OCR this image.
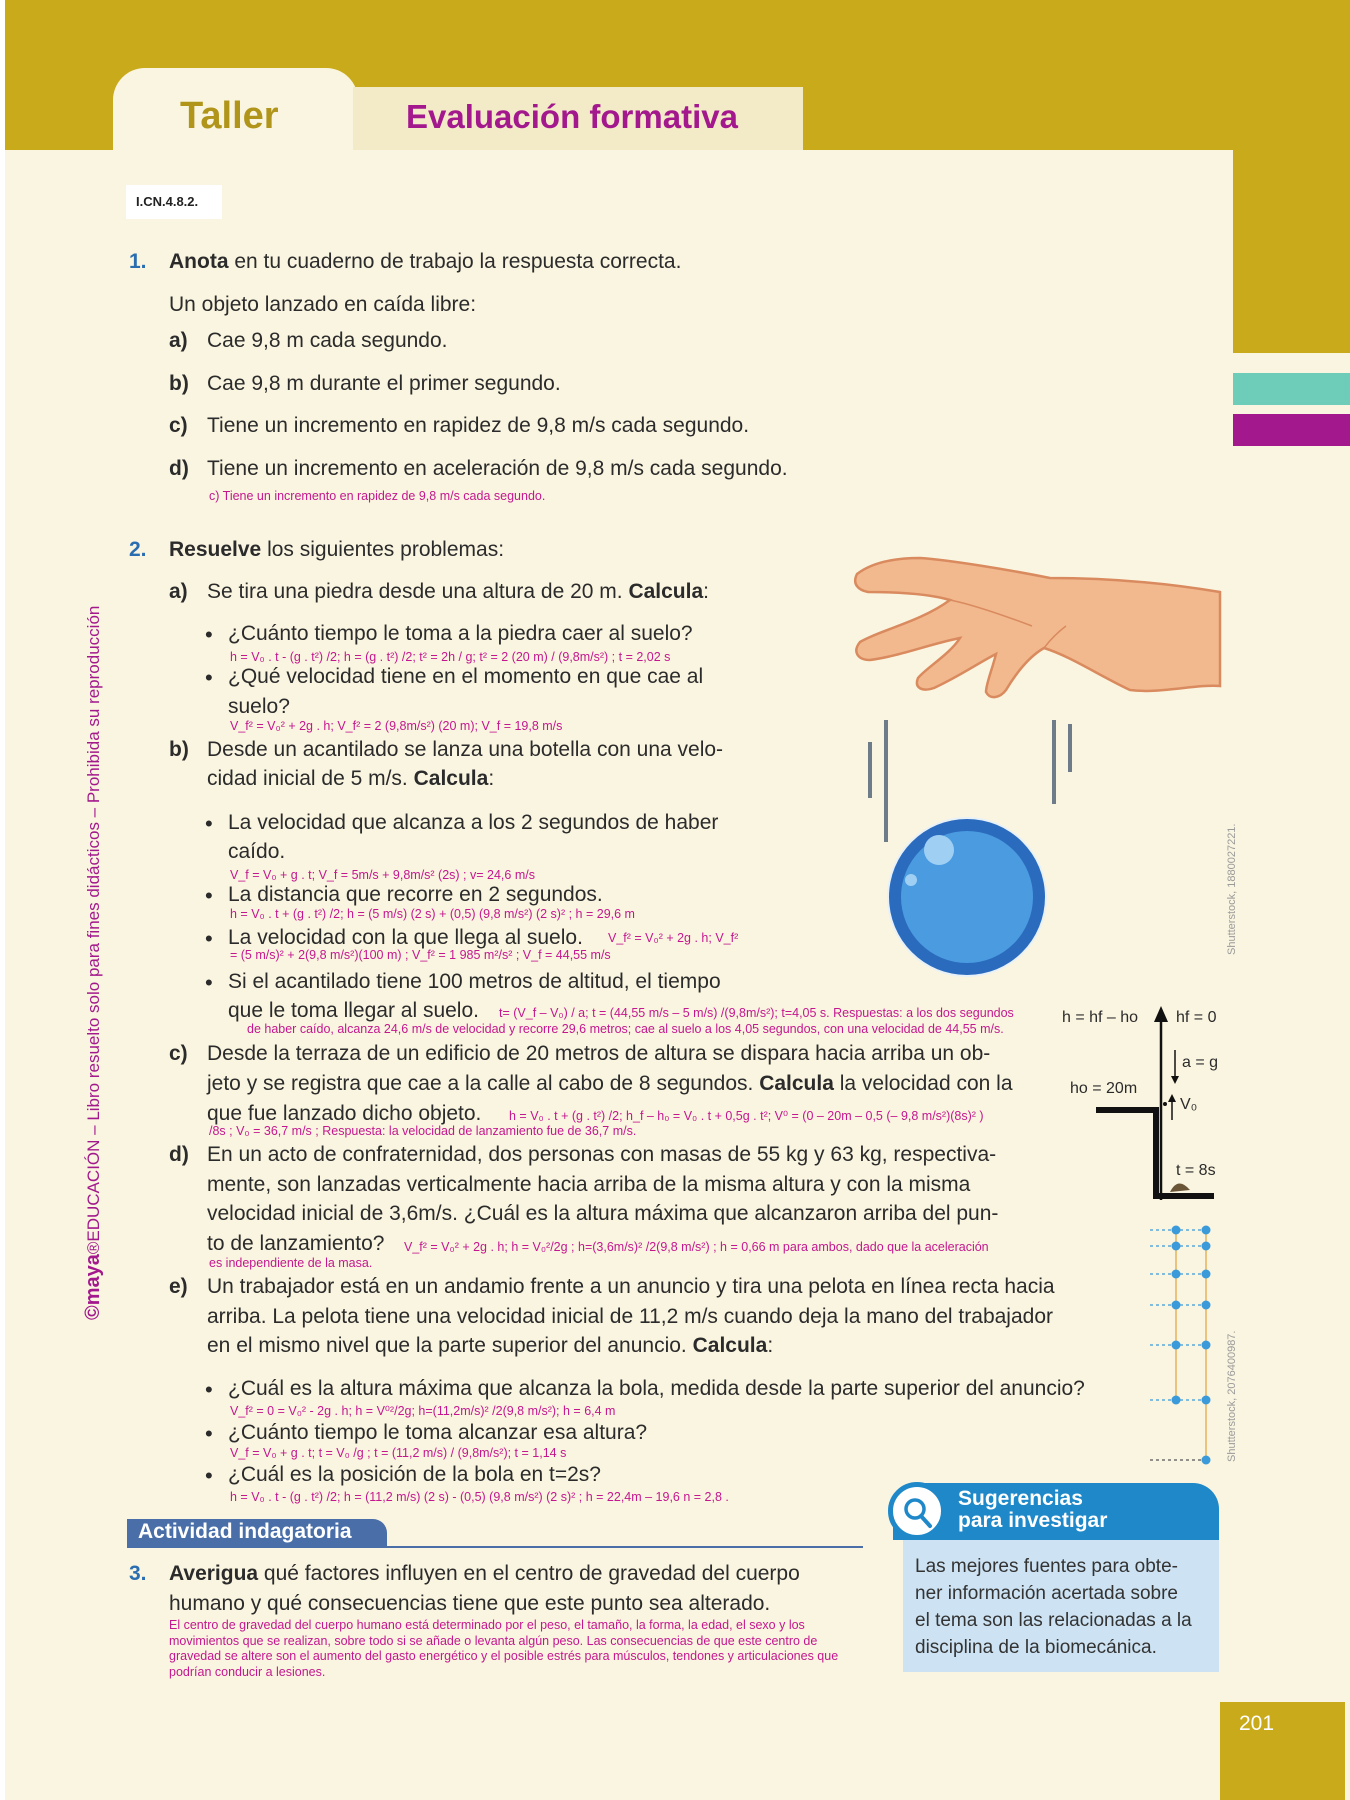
Taller	Evaluación formativa
I.CN.4.8.2.
©maya®EDUCACIÓN – Libro resuelto solo para fines didácticos – Prohibida su reproducción	Shutterstock, 1880027221.
Shutterstock, 2076400987.
1. Anota en tu cuaderno de trabajo la respuesta correcta.
Un objeto lanzado en caída libre:
a) Cae 9,8 m cada segundo.
b) Cae 9,8 m durante el primer segundo.
c) Tiene un incremento en rapidez de 9,8 m/s cada segundo.
d) Tiene un incremento en aceleración de 9,8 m/s cada segundo.
c) Tiene un incremento en rapidez de 9,8 m/s cada segundo.
2. Resuelve los siguientes problemas:
a) Se tira una piedra desde una altura de 20 m. Calcula:
• ¿Cuánto tiempo le toma a la piedra caer al suelo?
h = V₀ . t - (g . t²) /2; h = (g . t²) /2; t² = 2h / g; t² = 2 (20 m) / (9,8m/s²) ; t = 2,02 s
• ¿Qué velocidad tiene en el momento en que cae al
suelo?
V_f² = V₀² + 2g . h; V_f² = 2 (9,8m/s²) (20 m); V_f = 19,8 m/s
b) Desde un acantilado se lanza una botella con una velo-
cidad inicial de 5 m/s. Calcula:
• La velocidad que alcanza a los 2 segundos de haber
caído.
V_f = V₀ + g . t; V_f = 5m/s + 9,8m/s² (2s) ; v= 24,6 m/s
• La distancia que recorre en 2 segundos.
h = V₀ . t + (g . t²) /2; h = (5 m/s) (2 s) + (0,5) (9,8 m/s²) (2 s)² ; h = 29,6 m
• La velocidad con la que llega al suelo. V_f² = V₀² + 2g . h; V_f²
= (5 m/s)² + 2(9,8 m/s²)(100 m) ; V_f² = 1 985 m²/s² ; V_f = 44,55 m/s
• Si el acantilado tiene 100 metros de altitud, el tiempo
que le toma llegar al suelo. t= (V_f – V₀) / a; t = (44,55 m/s – 5 m/s) /(9,8m/s²); t=4,05 s. Respuestas: a los dos segundos
de haber caído, alcanza 24,6 m/s de velocidad y recorre 29,6 metros; cae al suelo a los 4,05 segundos, con una velocidad de 44,55 m/s.
c) Desde la terraza de un edificio de 20 metros de altura se dispara hacia arriba un ob-
jeto y se registra que cae a la calle al cabo de 8 segundos. Calcula la velocidad con la
que fue lanzado dicho objeto. h = V₀ . t + (g . t²) /2; h_f – h₀ = V₀ . t + 0,5g . t²; V⁰ = (0 – 20m – 0,5 (– 9,8 m/s²)(8s)² )
/8s ; V₀ = 36,7 m/s ; Respuesta: la velocidad de lanzamiento fue de 36,7 m/s.
d) En un acto de confraternidad, dos personas con masas de 55 kg y 63 kg, respectiva-
mente, son lanzadas verticalmente hacia arriba de la misma altura y con la misma
velocidad inicial de 3,6m/s. ¿Cuál es la altura máxima que alcanzaron arriba del pun-
to de lanzamiento? V_f² = V₀² + 2g . h; h = V₀²/2g ; h=(3,6m/s)² /2(9,8 m/s²) ; h = 0,66 m para ambos, dado que la aceleración
es independiente de la masa.
e) Un trabajador está en un andamio frente a un anuncio y tira una pelota en línea recta hacia
arriba. La pelota tiene una velocidad inicial de 11,2 m/s cuando deja la mano del trabajador
en el mismo nivel que la parte superior del anuncio. Calcula:
• ¿Cuál es la altura máxima que alcanza la bola, medida desde la parte superior del anuncio?
V_f² = 0 = V₀² - 2g . h; h = V⁰²/2g; h=(11,2m/s)² /2(9,8 m/s²); h = 6,4 m
• ¿Cuánto tiempo le toma alcanzar esa altura?
V_f = V₀ + g . t; t = V₀ /g ; t = (11,2 m/s) / (9,8m/s²); t = 1,14 s
• ¿Cuál es la posición de la bola en t=2s?
h = V₀ . t - (g . t²) /2; h = (11,2 m/s) (2 s) - (0,5) (9,8 m/s²) (2 s)² ; h = 22,4m – 19,6 n = 2,8 .
h = hf – ho hf = 0
a = g
ho = 20m
V₀
t = 8s
Actividad indagatoria
3. Averigua qué factores influyen en el centro de gravedad del cuerpo
humano y qué consecuencias tiene que este punto sea alterado.
El centro de gravedad del cuerpo humano está determinado por el peso, el tamaño, la forma, la edad, el sexo y los movimientos que se realizan, sobre todo si se añade o levanta algún peso. Las consecuencias de que este centro de gravedad se altere son el aumento del gasto energético y el posible estrés para músculos, tendones y articulaciones que podrían conducir a lesiones.
Sugerencias
para investigar
Las mejores fuentes para obte-
ner información acertada sobre
el tema son las relacionadas a la
disciplina de la biomecánica.
201
